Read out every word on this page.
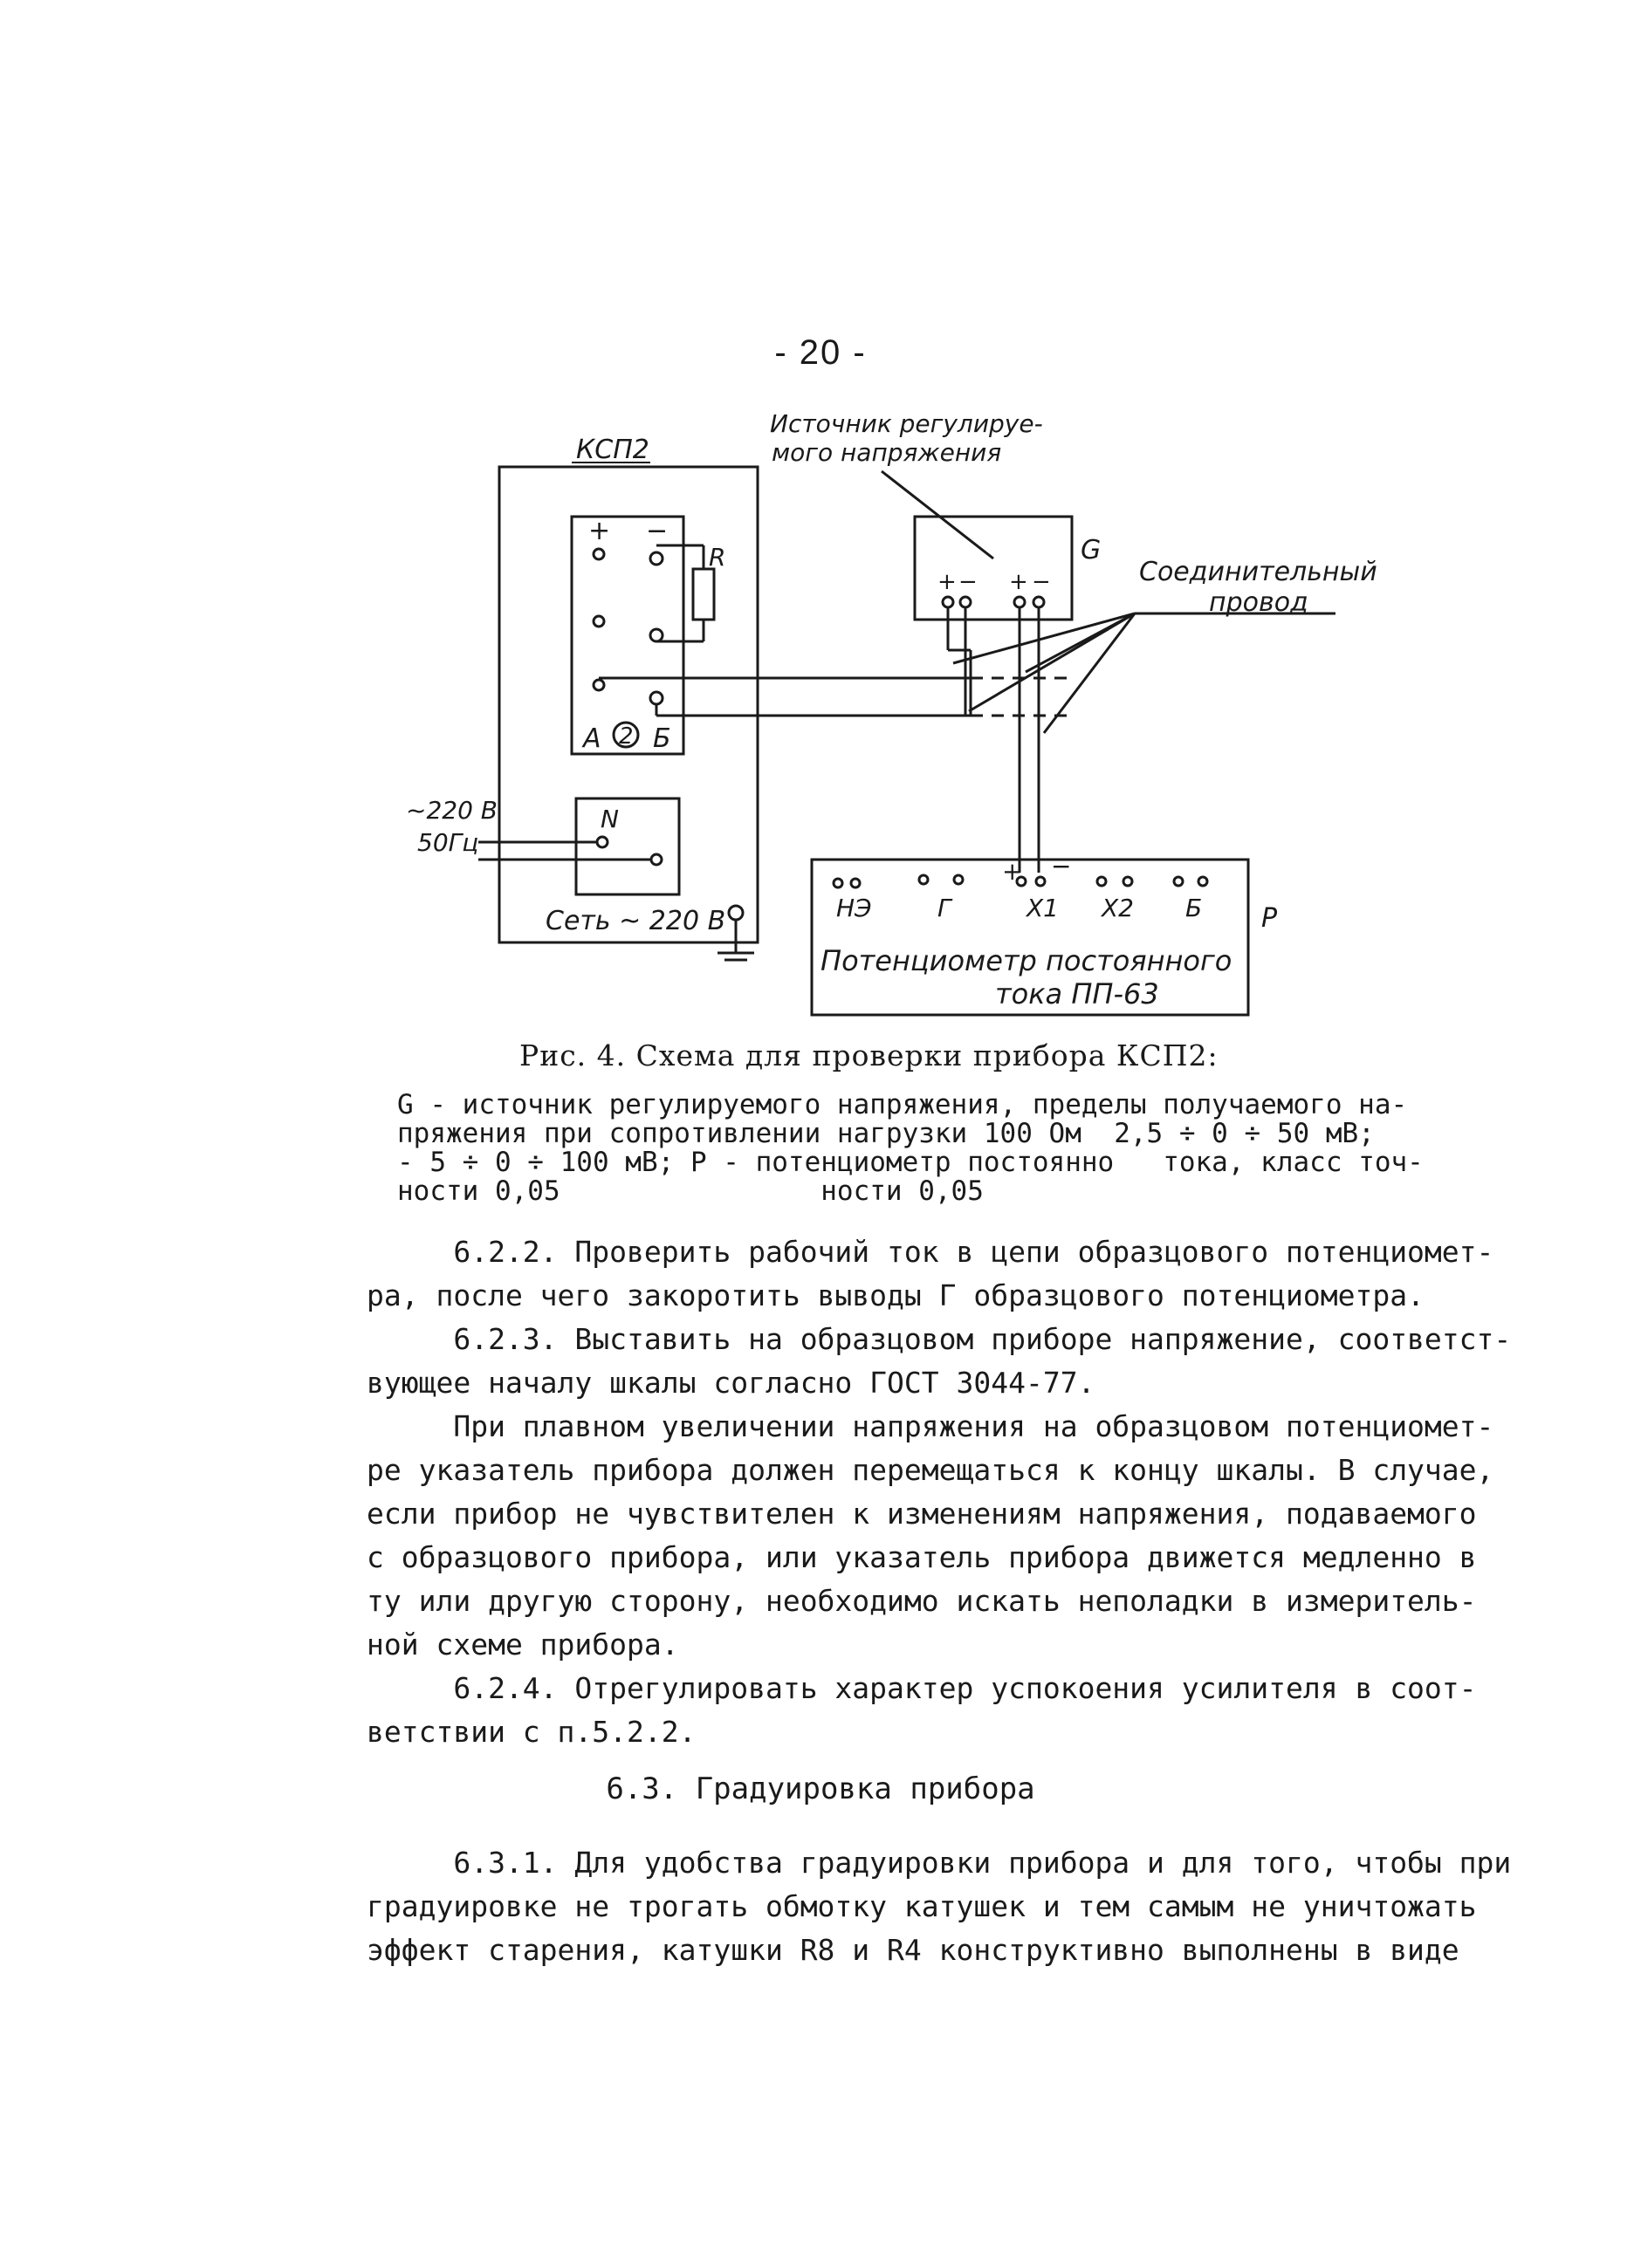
- 20 -
КСП2
Источник регулируе-
мого напряжения
G
R
+ −
А Б
2
N
~220 В
50Гц
Сеть ~ 220 В
+ − + −	Соединительный
провод
НЭ	Г	X1 X2 Б
+ −
Р
Потенциометр постоянного
тока ПП-63
Рис. 4. Схема для проверки прибора КСП2:
G - источник регулируемого напряжения, пределы получаемого на-
пряжения при сопротивлении нагрузки 100 Ом  2,5 ÷ 0 ÷ 50 мВ;
- 5 ÷ 0 ÷ 100 мВ; Р - потенциометр постоянно   тока, класс точ-
ности 0,05                ности 0,05
6.2.2. Проверить рабочий ток в цепи образцового потенциомет-
ра, после чего закоротить выводы Г образцового потенциометра.
6.2.3. Выставить на образцовом приборе напряжение, соответст-
вующее началу шкалы согласно ГОСТ 3044-77.
При плавном увеличении напряжения на образцовом потенциомет-
ре указатель прибора должен перемещаться к концу шкалы. В случае,
если прибор не чувствителен к изменениям напряжения, подаваемого
с образцового прибора, или указатель прибора движется медленно в
ту или другую сторону, необходимо искать неполадки в измеритель-
ной схеме прибора.
6.2.4. Отрегулировать характер успокоения усилителя в соот-
ветствии с п.5.2.2.
6.3. Градуировка прибора
6.3.1. Для удобства градуировки прибора и для того, чтобы при
градуировке не трогать обмотку катушек и тем самым не уничтожать
эффект старения, катушки R8 и R4 конструктивно выполнены в виде
